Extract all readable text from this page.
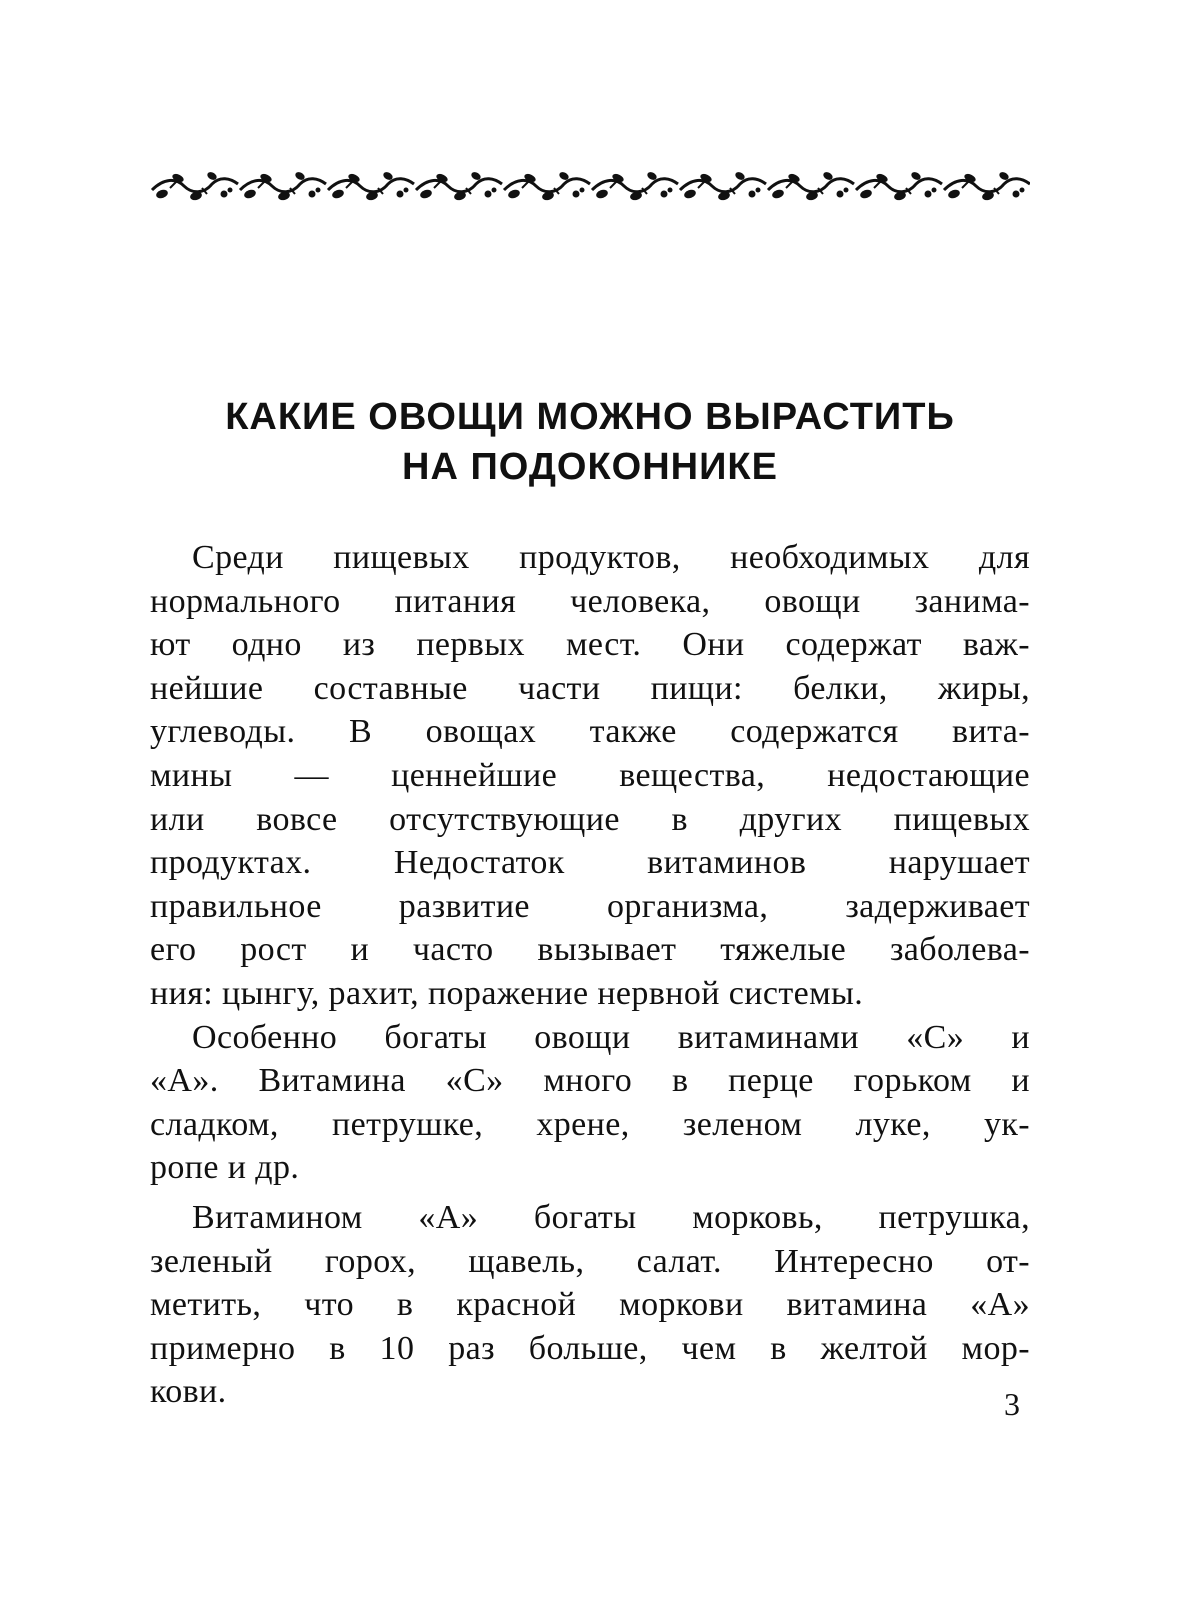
КАКИЕ ОВОЩИ МОЖНО ВЫРАСТИТЬ
НА ПОДОКОННИКЕ
Среди пищевых продуктов, необходимых для
нормального питания человека, овощи занима-
ют одно из первых мест. Они содержат важ-
нейшие составные части пищи: белки, жиры,
углеводы. В овощах также содержатся вита-
мины — ценнейшие вещества, недостающие
или вовсе отсутствующие в других пищевых
продуктах. Недостаток витаминов нарушает
правильное развитие организма, задерживает
его рост и часто вызывает тяжелые заболева-
ния: цынгу, рахит, поражение нервной системы.
Особенно богаты овощи витаминами «С» и
«А». Витамина «С» много в перце горьком и
сладком, петрушке, хрене, зеленом луке, ук-
ропе и др.
Витамином «А» богаты морковь, петрушка,
зеленый горох, щавель, салат. Интересно от-
метить, что в красной моркови витамина «А»
примерно в 10 раз больше, чем в желтой мор-
кови.	3
